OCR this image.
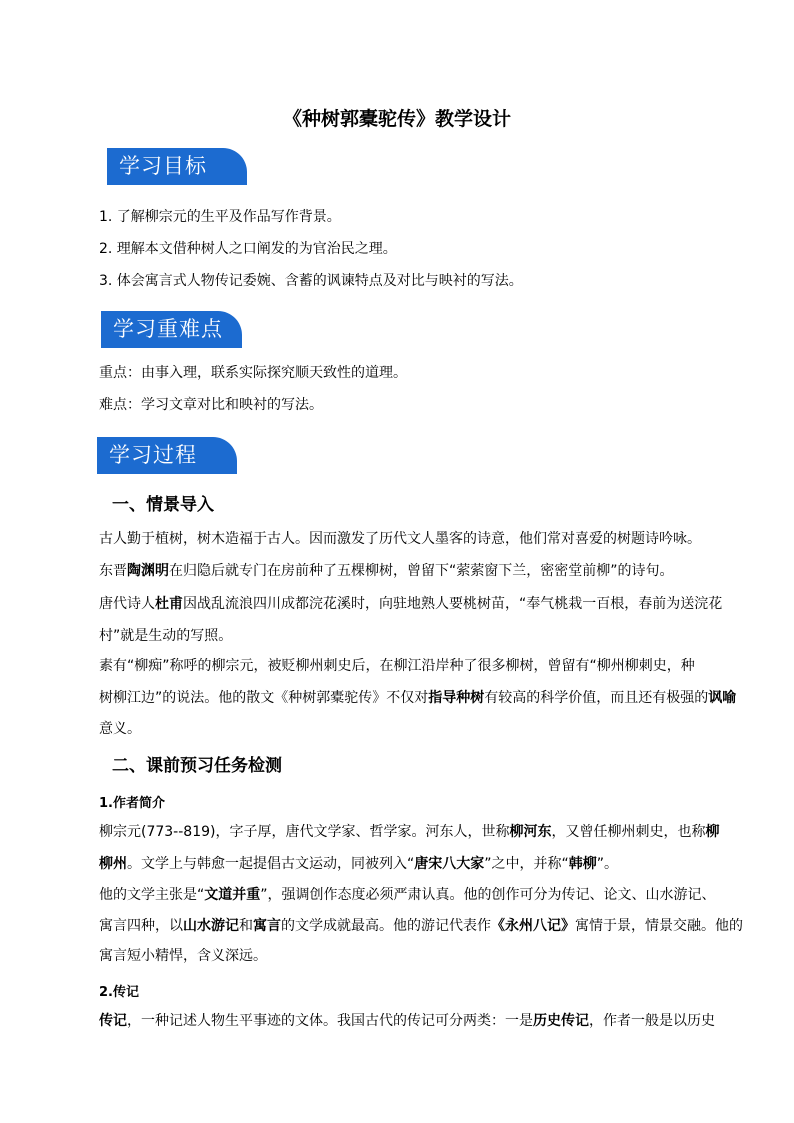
《种树郭橐驼传》教学设计
学习目标
1. 了解柳宗元的生平及作品写作背景。
2. 理解本文借种树人之口阐发的为官治民之理。
3. 体会寓言式人物传记委婉、含蓄的讽谏特点及对比与映衬的写法。
学习重难点
重点：由事入理，联系实际探究顺天致性的道理。
难点：学习文章对比和映衬的写法。
学习过程
一、情景导入
古人勤于植树，树木造福于古人。因而激发了历代文人墨客的诗意，他们常对喜爱的树题诗吟咏。
东晋陶渊明在归隐后就专门在房前种了五棵柳树，曾留下“萦萦窗下兰，密密堂前柳”的诗句。
唐代诗人杜甫因战乱流浪四川成都浣花溪时，向驻地熟人要桃树苗，“奉气桃栽一百根，春前为送浣花
村”就是生动的写照。
素有“柳痴”称呼的柳宗元，被贬柳州刺史后，在柳江沿岸种了很多柳树，曾留有“柳州柳刺史，种
树柳江边”的说法。他的散文《种树郭橐驼传》不仅对指导种树有较高的科学价值，而且还有极强的讽喻
意义。
二、课前预习任务检测
1.作者简介
柳宗元(773--819)，字子厚，唐代文学家、哲学家。河东人，世称柳河东，又曾任柳州刺史，也称柳
柳州。文学上与韩愈一起提倡古文运动，同被列入“唐宋八大家”之中，并称“韩柳”。
他的文学主张是“文道并重”，强调创作态度必须严肃认真。他的创作可分为传记、论文、山水游记、
寓言四种，以山水游记和寓言的文学成就最高。他的游记代表作《永州八记》寓情于景，情景交融。他的
寓言短小精悍，含义深远。
2.传记
传记，一种记述人物生平事迹的文体。我国古代的传记可分两类：一是历史传记，作者一般是以历史
